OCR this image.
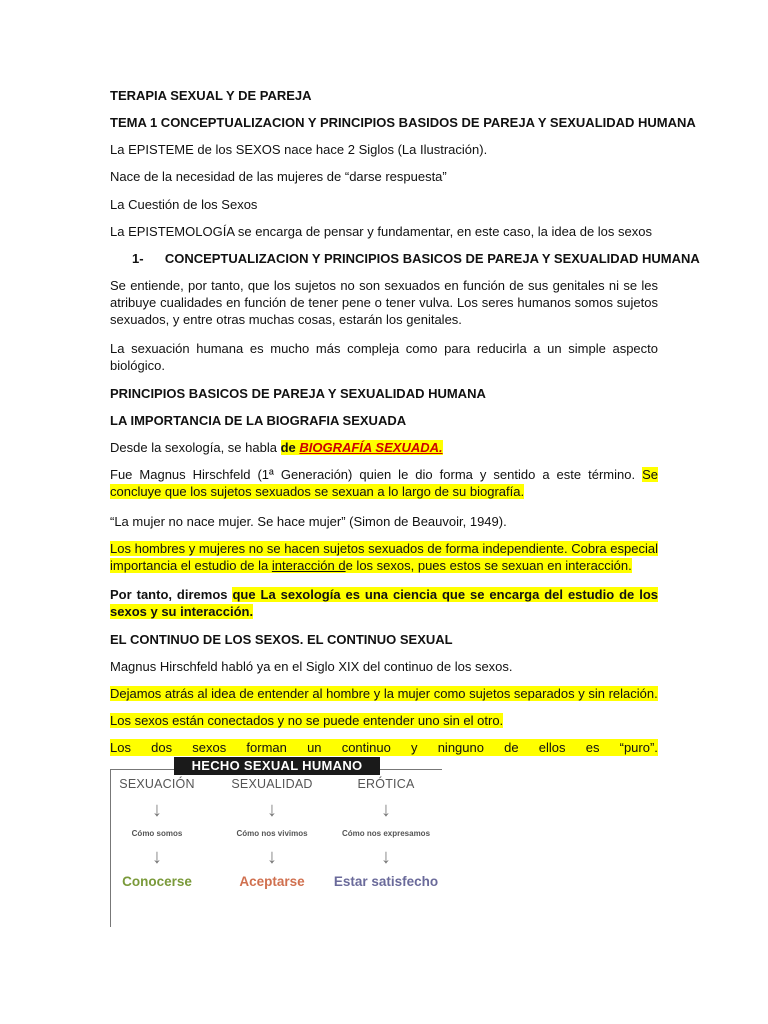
TERAPIA SEXUAL Y DE PAREJA
TEMA 1 CONCEPTUALIZACION Y PRINCIPIOS BASIDOS DE PAREJA Y SEXUALIDAD HUMANA
La EPISTEME de los SEXOS nace hace 2 Siglos (La Ilustración).
Nace de la necesidad de las mujeres de “darse respuesta”
La Cuestión de los Sexos
La EPISTEMOLOGÍA se encarga de pensar y fundamentar, en este caso, la idea de los sexos
1- CONCEPTUALIZACION Y PRINCIPIOS BASICOS DE PAREJA Y SEXUALIDAD HUMANA
Se entiende, por tanto, que los sujetos no son sexuados en función de sus genitales ni se les atribuye cualidades en función de tener pene o tener vulva. Los seres humanos somos sujetos sexuados, y entre otras muchas cosas, estarán los genitales.
La sexuación humana es mucho más compleja como para reducirla a un simple aspecto biológico.
PRINCIPIOS BASICOS DE PAREJA Y SEXUALIDAD HUMANA
LA IMPORTANCIA DE LA BIOGRAFIA SEXUADA
Desde la sexología, se habla de BIOGRAFÍA SEXUADA.
Fue Magnus Hirschfeld (1ª Generación) quien le dio forma y sentido a este término. Se concluye que los sujetos sexuados se sexuan a lo largo de su biografía.
“La mujer no nace mujer. Se hace mujer” (Simon de Beauvoir, 1949).
Los hombres y mujeres no se hacen sujetos sexuados de forma independiente. Cobra especial importancia el estudio de la interacción de los sexos, pues estos se sexuan en interacción.
Por tanto, diremos que La sexología es una ciencia que se encarga del estudio de los sexos y su interacción.
EL CONTINUO DE LOS SEXOS. EL CONTINUO SEXUAL
Magnus Hirschfeld habló ya en el Siglo XIX del continuo de los sexos.
Dejamos atrás al idea de entender al hombre y la mujer como sujetos separados y sin relación.
Los sexos están conectados y no se puede entender uno sin el otro.
Los dos sexos forman un continuo y ninguno de ellos es “puro”.
HECHO SEXUAL HUMANO
SEXUACIÓN
↓
Cómo somos
↓
Conocerse
SEXUALIDAD
↓
Cómo nos vivimos
↓
Aceptarse
ERÓTICA
↓
Cómo nos expresamos
↓
Estar satisfecho
